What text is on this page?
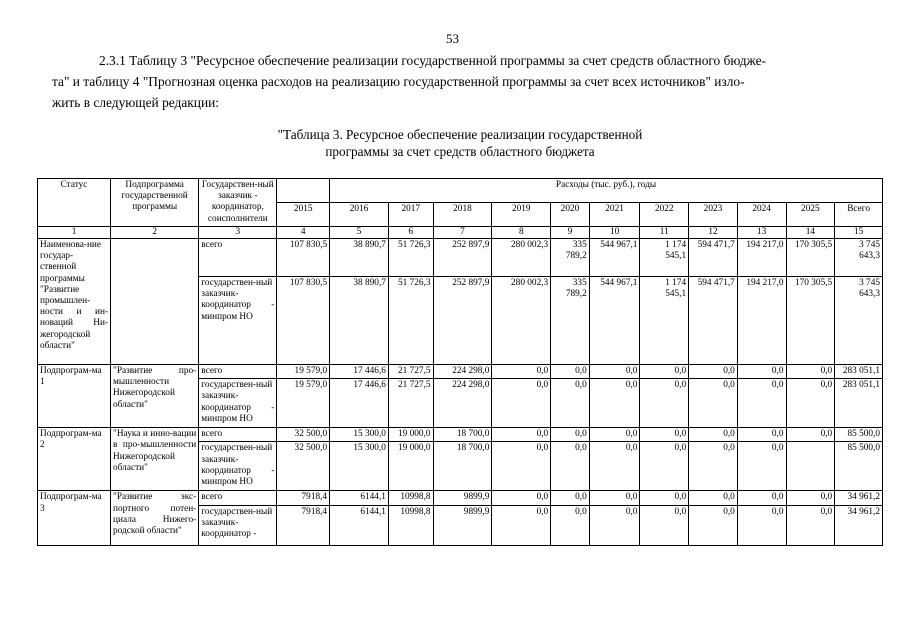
53
2.3.1 Таблицу 3 "Ресурсное обеспечение реализации государственной программы за счет средств областного бюдже-
та" и таблицу 4 "Прогнозная оценка расходов на реализацию государственной программы за счет всех источников" изло-
жить в следующей редакции:
"Таблица 3. Ресурсное обеспечение реализации государственной
программы за счет средств областного бюджета
Статус	Подпрограмма государственной программы	Государствен-ный заказчик - координатор, соисполнители		Расходы (тыс. руб.), годы										
			2015	2016	2017	2018	2019	2020	2021	2022	2023	2024	2025	Всего
1	2	3	4	5	6	7	8	9	10	11	12	13	14	15
Наименова-ние государ-ственной программы "Развитие промышлен-ности и ин-новаций Ни-жегородской области"		всего	107 830,5	38 890,7	51 726,3	252 897,9	280 002,3	335 789,2	544 967,1	1 174 545,1	594 471,7	194 217,0	170 305,5	3 745 643,3
		государствен-ный заказчик-координатор - минпром НО	107 830,5	38 890,7	51 726,3	252 897,9	280 002,3	335 789,2	544 967,1	1 174 545,1	594 471,7	194 217,0	170 305,5	3 745 643,3
Подпрограм-ма 1	"Развитие про-мышленности Нижегородской области"	всего	19 579,0	17 446,6	21 727,5	224 298,0	0,0	0,0	0,0	0,0	0,0	0,0	0,0	283 051,1
		государствен-ный заказчик-координатор - минпром НО	19 579,0	17 446,6	21 727,5	224 298,0	0,0	0,0	0,0	0,0	0,0	0,0	0,0	283 051,1
Подпрограм-ма 2	"Наука и инно-вации в про-мышленности Нижегородской области"	всего	32 500,0	15 300,0	19 000,0	18 700,0	0,0	0,0	0,0	0,0	0,0	0,0	0,0	85 500,0
		государствен-ный заказчик-координатор - минпром НО	32 500,0	15 300,0	19 000,0	18 700,0	0,0	0,0	0,0	0,0	0,0	0,0		85 500,0
Подпрограм-ма 3	"Развитие экс-портного потен-циала Нижего-родской области"	всего	7918,4	6144,1	10998,8	9899,9	0,0	0,0	0,0	0,0	0,0	0,0	0,0	34 961,2
		государствен-ный заказчик-координатор -	7918,4	6144,1	10998,8	9899,9	0,0	0,0	0,0	0,0	0,0	0,0	0,0	34 961,2
